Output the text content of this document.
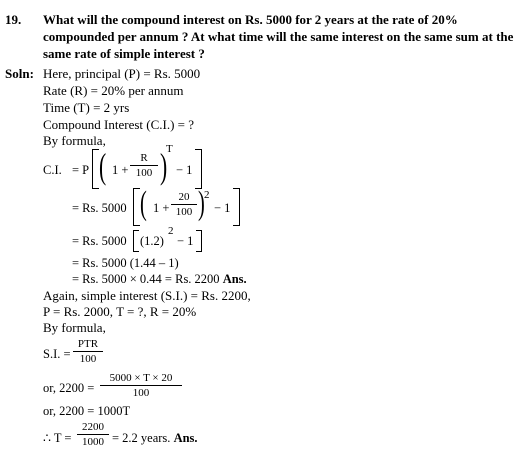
19. What will the compound interest on Rs. 5000 for 2 years at the rate of 20%
compounded per annum ? At what time will the same interest on the same sum at the
same rate of simple interest ?
Soln: Here, principal (P) = Rs. 5000
Rate (R) = 20% per annum
Time (T) = 2 yrs
Compound Interest (C.I.) = ?
By formula,
C.I. = P ( 1 +
R
100 )
T
− 1
= Rs. 5000 ( 1 +
20
100 ) 2
− 1
= Rs. 5000 (1.2)
2
− 1
= Rs. 5000 (1.44 – 1)
= Rs. 5000 × 0.44 = Rs. 2200 Ans.
Again, simple interest (S.I.) = Rs. 2200,
P = Rs. 2000, T = ?, R = 20%
By formula,
S.I. =
PTR
100
or, 2200 =
5000 × T × 20
100
or, 2200 = 1000T
∴ T =
2200
1000 = 2.2 years. Ans.
